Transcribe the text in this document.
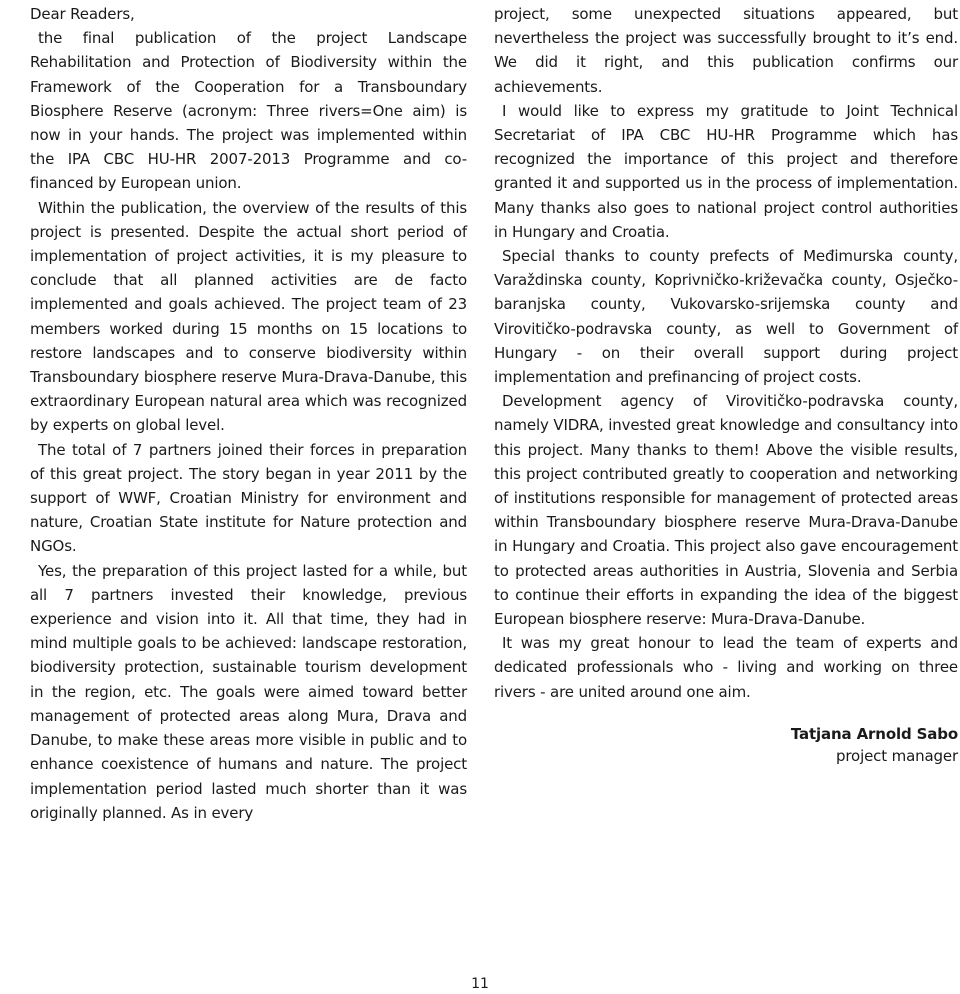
Dear Readers,

the final publication of the project Landscape Rehabilitation and Protection of Biodiversity within the Framework of the Cooperation for a Transboundary Biosphere Reserve (acronym: Three rivers=One aim) is now in your hands. The project was implemented within the IPA CBC HU-HR 2007-2013 Programme and co-financed by European union.

Within the publication, the overview of the results of this project is presented. Despite the actual short period of implementation of project activities, it is my pleasure to conclude that all planned activities are de facto implemented and goals achieved. The project team of 23 members worked during 15 months on 15 locations to restore landscapes and to conserve biodiversity within Transboundary biosphere reserve Mura-Drava-Danube, this extraordinary European natural area which was recognized by experts on global level.

The total of 7 partners joined their forces in preparation of this great project. The story began in year 2011 by the support of WWF, Croatian Ministry for environment and nature, Croatian State institute for Nature protection and NGOs.

Yes, the preparation of this project lasted for a while, but all 7 partners invested their knowledge, previous experience and vision into it. All that time, they had in mind multiple goals to be achieved: landscape restoration, biodiversity protection, sustainable tourism development in the region, etc. The goals were aimed toward better management of protected areas along Mura, Drava and Danube, to make these areas more visible in public and to enhance coexistence of humans and nature. The project implementation period lasted much shorter than it was originally planned. As in every

project, some unexpected situations appeared, but nevertheless the project was successfully brought to it’s end. We did it right, and this publication confirms our achievements.

I would like to express my gratitude to Joint Technical Secretariat of IPA CBC HU-HR Programme which has recognized the importance of this project and therefore granted it and supported us in the process of implementation. Many thanks also goes to national project control authorities in Hungary and Croatia.

Special thanks to county prefects of Međimurska county, Varaždinska county, Koprivničko-križevačka county, Osječko-baranjska county, Vukovarsko-srijemska county and Virovitičko-podravska county, as well to Government of Hungary - on their overall support during project implementation and prefinancing of project costs.

Development agency of Virovitičko-podravska county, namely VIDRA, invested great knowledge and consultancy into this project. Many thanks to them! Above the visible results, this project contributed greatly to cooperation and networking of institutions responsible for management of protected areas within Transboundary biosphere reserve Mura-Drava-Danube in Hungary and Croatia. This project also gave encouragement to protected areas authorities in Austria, Slovenia and Serbia to continue their efforts in expanding the idea of the biggest European biosphere reserve: Mura-Drava-Danube.

It was my great honour to lead the team of experts and dedicated professionals who - living and working on three rivers - are united around one aim.

Tatjana Arnold Sabo
project manager
11
